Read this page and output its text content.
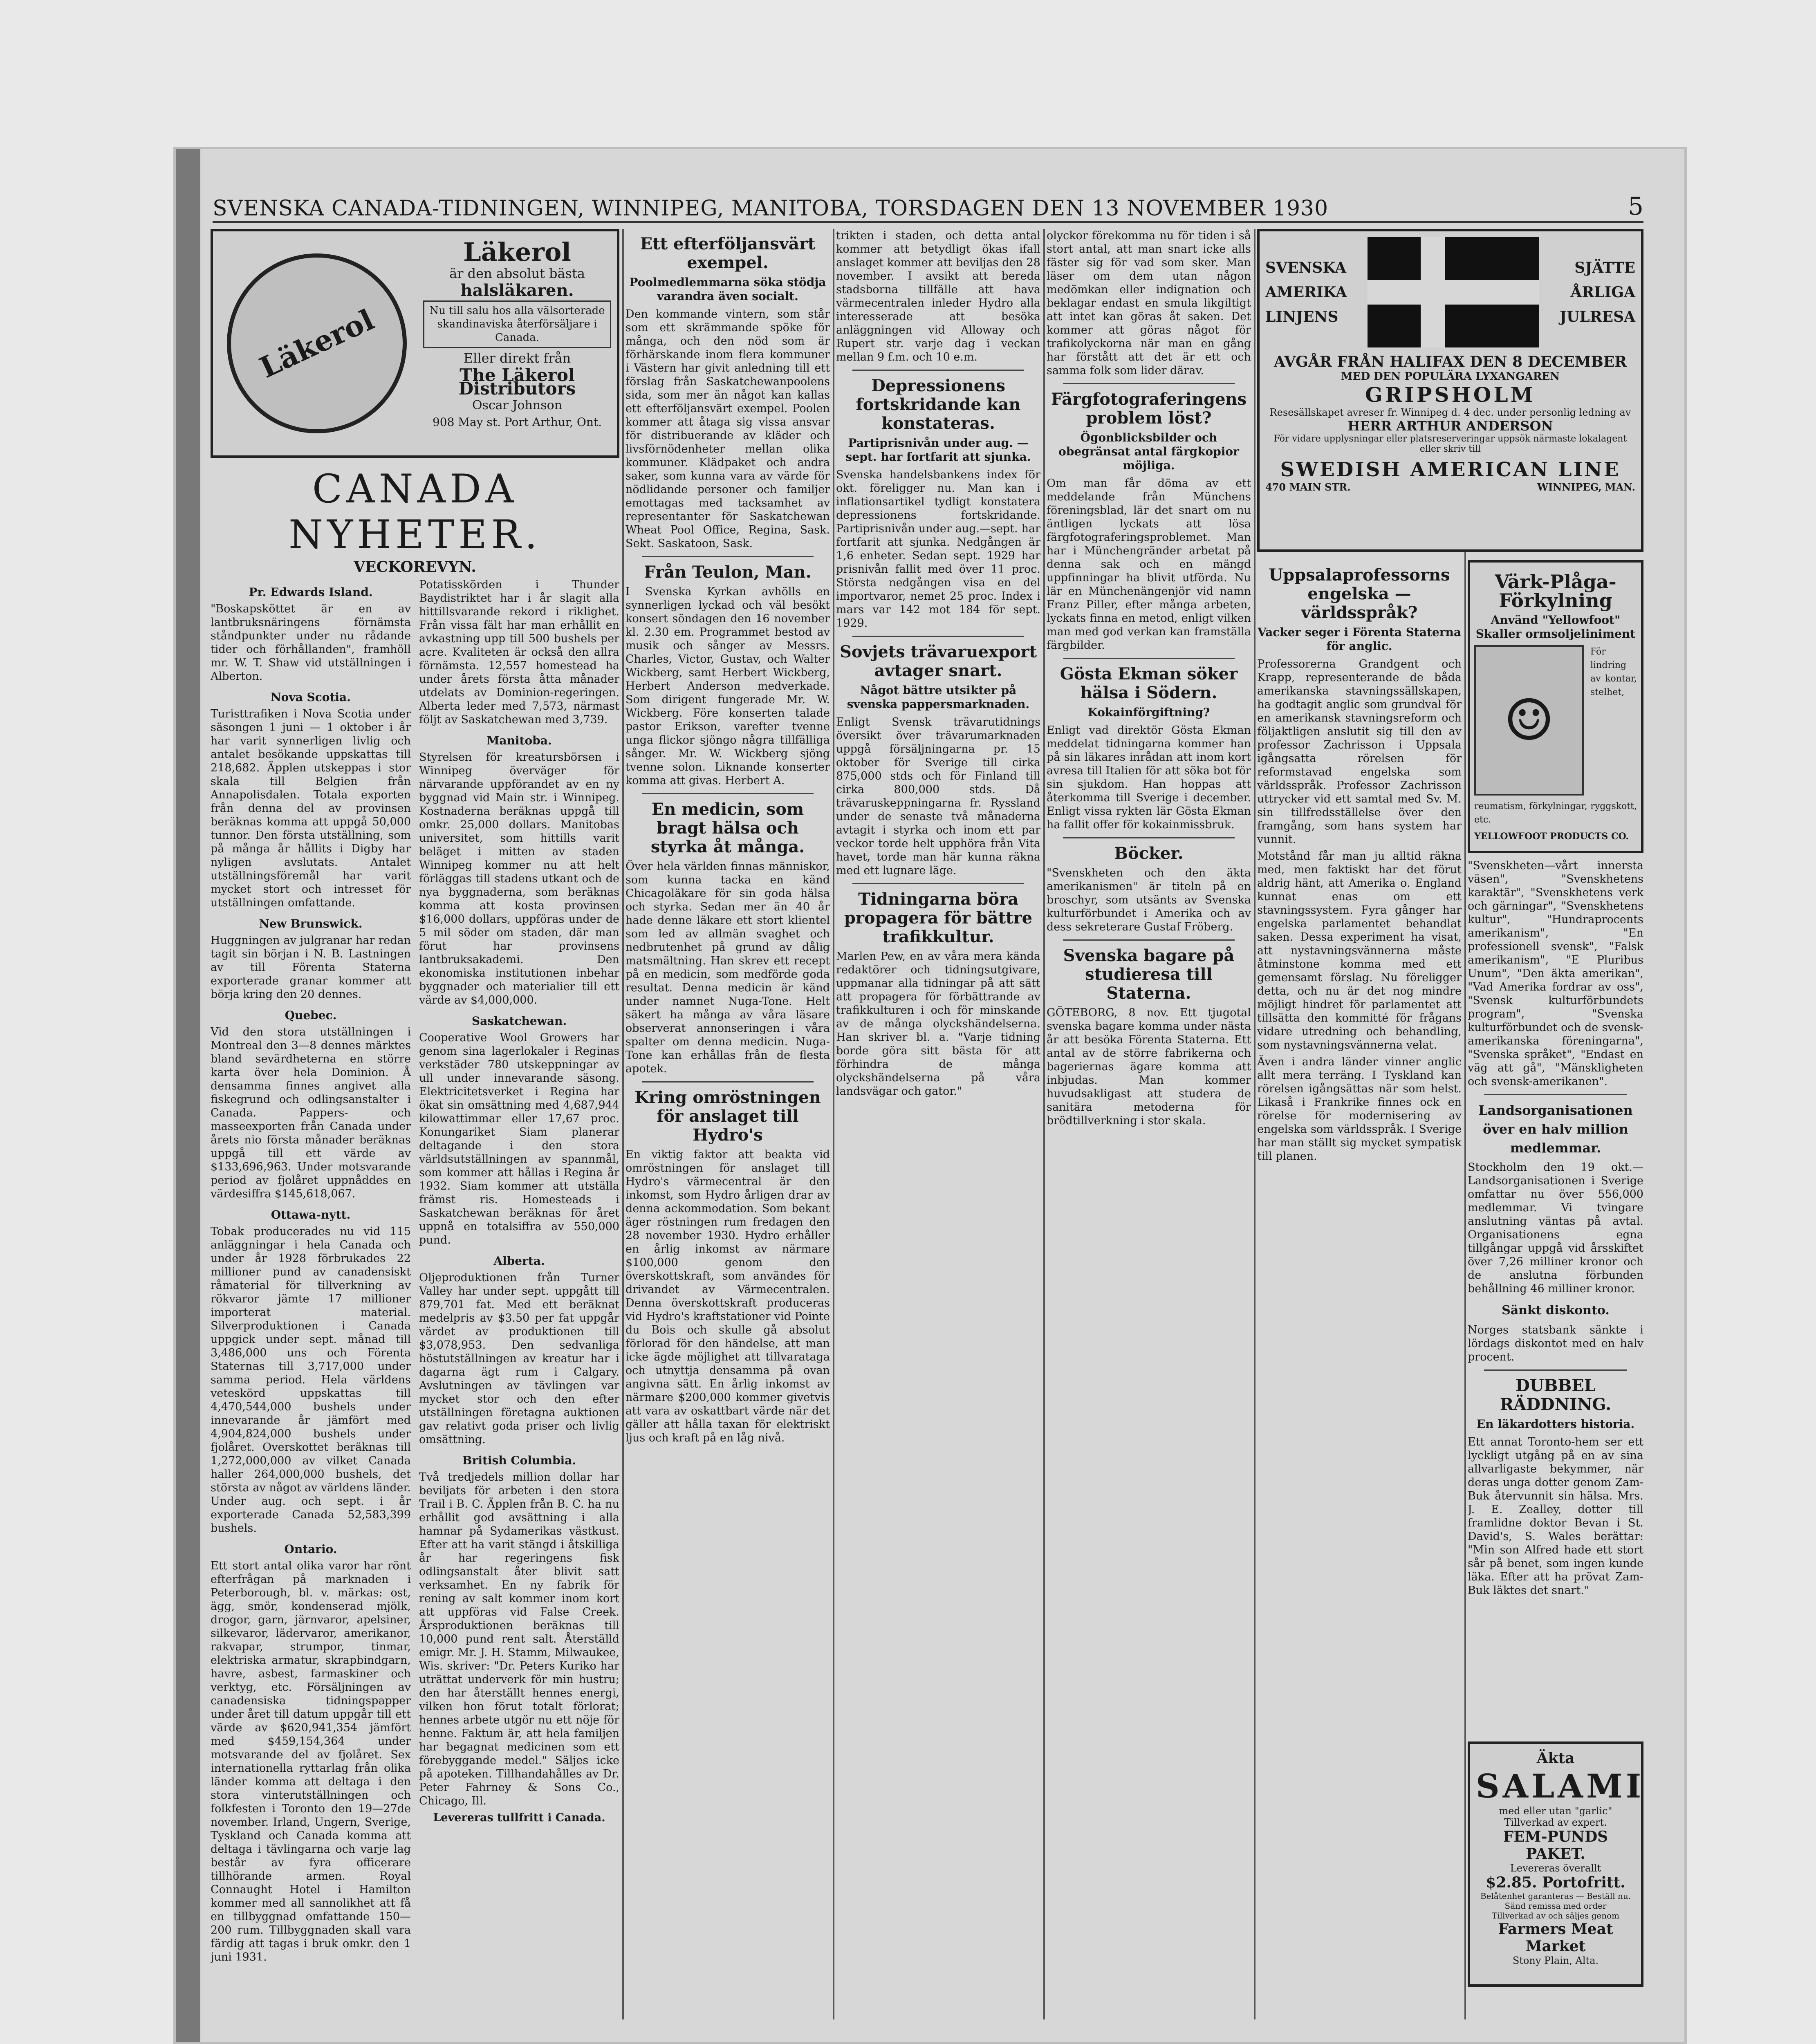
SVENSKA CANADA-TIDNINGEN, WINNIPEG, MANITOBA, TORSDAGEN DEN 13 NOVEMBER 1930	5
Läkerol
Läkerol

är den absolut bästa

halsläkaren.

Nu till salu hos alla välsorterade skandinaviska återförsäljare i Canada.

Eller direkt från

The Läkerol Distributors

Oscar Johnson

908 May st. Port Arthur, Ont.

CANADA NYHETER.
VECKOREVYN.
Pr. Edwards Island.

"Boskapsköttet är en av lantbruksnäringens förnämsta ståndpunkter under nu rådande tider och förhållanden", framhöll mr. W. T. Shaw vid utställningen i Alberton.

Nova Scotia.

Turisttrafiken i Nova Scotia under säsongen 1 juni — 1 oktober i år har varit synnerligen livlig och antalet besökande uppskattas till 218,682. Äpplen utskeppas i stor skala till Belgien från Annapolisdalen. Totala exporten från denna del av provinsen beräknas komma att uppgå 50,000 tunnor. Den första utställning, som på många år hållits i Digby har nyligen avslutats. Antalet utställningsföremål har varit mycket stort och intresset för utställningen omfattande.

New Brunswick.

Huggningen av julgranar har redan tagit sin början i N. B. Lastningen av till Förenta Staterna exporterade granar kommer att börja kring den 20 dennes.

Quebec.

Vid den stora utställningen i Montreal den 3—8 dennes märktes bland sevärdheterna en större karta över hela Dominion. Å densamma finnes angivet alla fiskegrund och odlingsanstalter i Canada. Pappers- och masseexporten från Canada under årets nio första månader beräknas uppgå till ett värde av $133,696,963. Under motsvarande period av fjolåret uppnåddes en värdesiffra $145,618,067.

Ottawa-nytt.

Tobak producerades nu vid 115 anläggningar i hela Canada och under år 1928 förbrukades 22 millioner pund av canadensiskt råmaterial för tillverkning av rökvaror jämte 17 millioner importerat material. Silverproduktionen i Canada uppgick under sept. månad till 3,486,000 uns och Förenta Staternas till 3,717,000 under samma period. Hela världens veteskörd uppskattas till 4,470,544,000 bushels under innevarande år jämfört med 4,904,824,000 bushels under fjolåret. Overskottet beräknas till 1,272,000,000 av vilket Canada haller 264,000,000 bushels, det största av något av världens länder. Under aug. och sept. i år exporterade Canada 52,583,399 bushels.

Ontario.

Ett stort antal olika varor har rönt efterfrågan på marknaden i Peterborough, bl. v. märkas: ost, ägg, smör, kondenserad mjölk, drogor, garn, järnvaror, apelsiner, silkevaror, lädervaror, amerikanor, rakvapar, strumpor, tinmar, elektriska armatur, skrapbindgarn, havre, asbest, farmaskiner och verktyg, etc. Försäljningen av canadensiska tidningspapper under året till datum uppgår till ett värde av $620,941,354 jämfört med $459,154,364 under motsvarande del av fjolåret. Sex internationella ryttarlag från olika länder komma att deltaga i den stora vinterutställningen och folkfesten i Toronto den 19—27de november. Irland, Ungern, Sverige, Tyskland och Canada komma att deltaga i tävlingarna och varje lag består av fyra officerare tillhörande armen. Royal Connaught Hotel i Hamilton kommer med all sannolikhet att få en tillbyggnad omfattande 150—200 rum. Tillbyggnaden skall vara färdig att tagas i bruk omkr. den 1 juni 1931.

Potatisskörden i Thunder Baydistriktet har i år slagit alla hittillsvarande rekord i riklighet. Från vissa fält har man erhållit en avkastning upp till 500 bushels per acre. Kvaliteten är också den allra förnämsta. 12,557 homestead ha under årets första åtta månader utdelats av Dominion-regeringen. Alberta leder med 7,573, närmast följt av Saskatchewan med 3,739.

Manitoba.

Styrelsen för kreatursbörsen i Winnipeg överväger för närvarande uppförandet av en ny byggnad vid Main str. i Winnipeg. Kostnaderna beräknas uppgå till omkr. 25,000 dollars. Manitobas universitet, som hittills varit beläget i mitten av staden Winnipeg kommer nu att helt förläggas till stadens utkant och de nya byggnaderna, som beräknas komma att kosta provinsen $16,000 dollars, uppföras under de 5 mil söder om staden, där man förut har provinsens lantbruksakademi. Den ekonomiska institutionen inbehar byggnader och materialier till ett värde av $4,000,000.

Saskatchewan.

Cooperative Wool Growers har genom sina lagerlokaler i Reginas verkstäder 780 utskeppningar av ull under innevarande säsong. Elektricitetsverket i Regina har ökat sin omsättning med 4,687,944 kilowattimmar eller 17,67 proc. Konungariket Siam planerar deltagande i den stora världsutställningen av spannmål, som kommer att hållas i Regina år 1932. Siam kommer att utställa främst ris. Homesteads i Saskatchewan beräknas för året uppnå en totalsiffra av 550,000 pund.

Alberta.

Oljeproduktionen från Turner Valley har under sept. uppgått till 879,701 fat. Med ett beräknat medelpris av $3.50 per fat uppgår värdet av produktionen till $3,078,953. Den sedvanliga höstutställningen av kreatur har i dagarna ägt rum i Calgary. Avslutningen av tävlingen var mycket stor och den efter utställningen företagna auktionen gav relativt goda priser och livlig omsättning.

British Columbia.

Två tredjedels million dollar har beviljats för arbeten i den stora Trail i B. C. Äpplen från B. C. ha nu erhållit god avsättning i alla hamnar på Sydamerikas västkust. Efter att ha varit stängd i åtskilliga år har regeringens fisk odlingsanstalt åter blivit satt verksamhet. En ny fabrik för rening av salt kommer inom kort att uppföras vid False Creek. Årsproduktionen beräknas till 10,000 pund rent salt. Återställd emigr. Mr. J. H. Stamm, Milwaukee, Wis. skriver: "Dr. Peters Kuriko har uträttat underverk för min hustru; den har återställt hennes energi, vilken hon förut totalt förlorat; hennes arbete utgör nu ett nöje för henne. Faktum är, att hela familjen har begagnat medicinen som ett förebyggande medel." Säljes icke på apoteken. Tillhandahålles av Dr. Peter Fahrney & Sons Co., Chicago, Ill.

Levereras tullfritt i Canada.

Ett efterföljansvärt exempel.
Poolmedlemmarna söka stödja varandra även socialt.

Den kommande vintern, som står som ett skrämmande spöke för många, och den nöd som är förhärskande inom flera kommuner i Västern har givit anledning till ett förslag från Saskatchewanpoolens sida, som mer än något kan kallas ett efterföljansvärt exempel. Poolen kommer att åtaga sig vissa ansvar för distribuerande av kläder och livsförnödenheter mellan olika kommuner. Klädpaket och andra saker, som kunna vara av värde för nödlidande personer och familjer emottagas med tacksamhet av representanter för Saskatchewan Wheat Pool Office, Regina, Sask. Sekt. Saskatoon, Sask.

Från Teulon, Man.

I Svenska Kyrkan avhölls en synnerligen lyckad och väl besökt konsert söndagen den 16 november kl. 2.30 em. Programmet bestod av musik och sånger av Messrs. Charles, Victor, Gustav, och Walter Wickberg, samt Herbert Wickberg, Herbert Anderson medverkade. Som dirigent fungerade Mr. W. Wickberg. Före konserten talade pastor Erikson, varefter tvenne unga flickor sjöngo några tillfälliga sånger. Mr. W. Wickberg sjöng tvenne solon. Liknande konserter komma att givas. Herbert A.

En medicin, som bragt hälsa och styrka åt många.

Över hela världen finnas människor, som kunna tacka en känd Chicagoläkare för sin goda hälsa och styrka. Sedan mer än 40 år hade denne läkare ett stort klientel som led av allmän svaghet och nedbrutenhet på grund av dålig matsmältning. Han skrev ett recept på en medicin, som medförde goda resultat. Denna medicin är känd under namnet Nuga-Tone. Helt säkert ha många av våra läsare observerat annonseringen i våra spalter om denna medicin. Nuga-Tone kan erhållas från de flesta apotek.

Kring omröstningen för anslaget till Hydro's

En viktig faktor att beakta vid omröstningen för anslaget till Hydro's värmecentral är den inkomst, som Hydro årligen drar av denna ackommodation. Som bekant äger röstningen rum fredagen den 28 november 1930. Hydro erhåller en årlig inkomst av närmare $100,000 genom den överskottskraft, som användes för drivandet av Värmecentralen. Denna överskottskraft produceras vid Hydro's kraftstationer vid Pointe du Bois och skulle gå absolut förlorad för den händelse, att man icke ägde möjlighet att tillvarataga och utnyttja densamma på ovan angivna sätt. En årlig inkomst av närmare $200,000 kommer givetvis att vara av oskattbart värde när det gäller att hålla taxan för elektriskt ljus och kraft på en låg nivå.

trikten i staden, och detta antal kommer att betydligt ökas ifall anslaget kommer att beviljas den 28 november. I avsikt att bereda stadsborna tillfälle att hava värmecentralen inleder Hydro alla interesserade att besöka anläggningen vid Alloway och Rupert str. varje dag i veckan mellan 9 f.m. och 10 e.m.

Depressionens fortskridande kan konstateras.
Partiprisnivån under aug. — sept. har fortfarit att sjunka.

Svenska handelsbankens index för okt. föreligger nu. Man kan i inflationsartikel tydligt konstatera depressionens fortskridande. Partiprisnivån under aug.—sept. har fortfarit att sjunka. Nedgången är 1,6 enheter. Sedan sept. 1929 har prisnivån fallit med över 11 proc. Största nedgången visa en del importvaror, nemet 25 proc. Index i mars var 142 mot 184 för sept. 1929.

Sovjets trävaruexport avtager snart.
Något bättre utsikter på svenska pappersmarknaden.

Enligt Svensk trävarutidnings översikt över trävarumarknaden uppgå försäljningarna pr. 15 oktober för Sverige till cirka 875,000 stds och för Finland till cirka 800,000 stds. Då trävaruskeppningarna fr. Ryssland under de senaste två månaderna avtagit i styrka och inom ett par veckor torde helt upphöra från Vita havet, torde man här kunna räkna med ett lugnare läge.

Tidningarna böra propagera för bättre trafikkultur.

Marlen Pew, en av våra mera kända redaktörer och tidningsutgivare, uppmanar alla tidningar på att sätt att propagera för förbättrande av trafikkulturen i och för minskande av de många olyckshändelserna. Han skriver bl. a. "Varje tidning borde göra sitt bästa för att förhindra de många olyckshändelserna på våra landsvägar och gator."

olyckor förekomma nu för tiden i så stort antal, att man snart icke alls fäster sig för vad som sker. Man läser om dem utan någon medömkan eller indignation och beklagar endast en smula likgiltigt att intet kan göras åt saken. Det kommer att göras något för trafikolyckorna när man en gång har förstått att det är ett och samma folk som lider därav.

Färgfotograferingens problem löst?
Ögonblicksbilder och obegränsat antal färgkopior möjliga.

Om man får döma av ett meddelande från Münchens föreningsblad, lär det snart om nu äntligen lyckats att lösa färgfotograferingsproblemet. Man har i Münchengränder arbetat på denna sak och en mängd uppfinningar ha blivit utförda. Nu lär en Münchenängenjör vid namn Franz Piller, efter många arbeten, lyckats finna en metod, enligt vilken man med god verkan kan framställa färgbilder.

Gösta Ekman söker hälsa i Södern.
Kokainförgiftning?

Enligt vad direktör Gösta Ekman meddelat tidningarna kommer han på sin läkares inrådan att inom kort avresa till Italien för att söka bot för sin sjukdom. Han hoppas att återkomma till Sverige i december. Enligt vissa rykten lär Gösta Ekman ha fallit offer för kokainmissbruk.

Böcker.

"Svenskheten och den äkta amerikanismen" är titeln på en broschyr, som utsänts av Svenska kulturförbundet i Amerika och av dess sekreterare Gustaf Fröberg.

Svenska bagare på studieresa till Staterna.

GÖTEBORG, 8 nov. Ett tjugotal svenska bagare komma under nästa år att besöka Förenta Staterna. Ett antal av de större fabrikerna och bageriernas ägare komma att inbjudas. Man kommer huvudsakligast att studera de sanitära metoderna för brödtillverkning i stor skala.

SVENSKA
AMERIKA
LINJENS
SJÄTTE
ÅRLIGA
JULRESA
AVGÅR FRÅN HALIFAX DEN 8 DECEMBER
MED DEN POPULÄRA LYXANGAREN
GRIPSHOLM
Resesällskapet avreser fr. Winnipeg d. 4 dec. under personlig ledning av
HERR ARTHUR ANDERSON
För vidare upplysningar eller platsreserveringar uppsök närmaste lokalagent eller skriv till
SWEDISH AMERICAN LINE
470 MAIN STR.	WINNIPEG, MAN.
Uppsalaprofessorns engelska — världsspråk?
Vacker seger i Förenta Staterna för anglic.

Professorerna Grandgent och Krapp, representerande de båda amerikanska stavningssällskapen, ha godtagit anglic som grundval för en amerikansk stavningsreform och följaktligen anslutit sig till den av professor Zachrisson i Uppsala igångsatta rörelsen för reformstavad engelska som världsspråk. Professor Zachrisson uttrycker vid ett samtal med Sv. M. sin tillfredsställelse över den framgång, som hans system har vunnit.

Motstånd får man ju alltid räkna med, men faktiskt har det förut aldrig hänt, att Amerika o. England kunnat enas om ett stavningssystem. Fyra gånger har engelska parlamentet behandlat saken. Dessa experiment ha visat, att nystavningsvännerna måste åtminstone komma med ett gemensamt förslag. Nu föreligger detta, och nu är det nog mindre möjligt hindret för parlamentet att tillsätta den kommitté för frågans vidare utredning och behandling, som nystavningsvännerna velat.

Även i andra länder vinner anglic allt mera terräng. I Tyskland kan rörelsen igångsättas när som helst. Likaså i Frankrike finnes ock en rörelse för modernisering av engelska som världsspråk. I Sverige har man ställt sig mycket sympatisk till planen.

Värk-Plåga-Förkylning
Använd "Yellowfoot" Skaller ormsoljeliniment
☺

För lindring av kontar, stelhet, reumatism, förkylningar, ryggskott, etc.

YELLOWFOOT PRODUCTS CO.

"Svenskheten—vårt innersta väsen", "Svenskhetens karaktär", "Svenskhetens verk och gärningar", "Svenskhetens kultur", "Hundraprocents amerikanism", "En professionell svensk", "Falsk amerikanism", "E Pluribus Unum", "Den äkta amerikan", "Vad Amerika fordrar av oss", "Svensk kulturförbundets program", "Svenska kulturförbundet och de svensk-amerikanska föreningarna", "Svenska språket", "Endast en väg att gå", "Mänskligheten och svensk-amerikanen".

Landsorganisationen över en halv million medlemmar.

Stockholm den 19 okt.— Landsorganisationen i Sverige omfattar nu över 556,000 medlemmar. Vi tvingare anslutning väntas på avtal. Organisationens egna tillgångar uppgå vid årsskiftet över 7,26 milliner kronor och de anslutna förbunden behållning 46 milliner kronor.

Sänkt diskonto.

Norges statsbank sänkte i lördags diskontot med en halv procent.

DUBBEL RÄDDNING.
En läkardotters historia.

Ett annat Toronto-hem ser ett lyckligt utgång på en av sina allvarligaste bekymmer, när deras unga dotter genom Zam-Buk återvunnit sin hälsa. Mrs. J. E. Zealley, dotter till framlidne doktor Bevan i St. David's, S. Wales berättar: "Min son Alfred hade ett stort sår på benet, som ingen kunde läka. Efter att ha prövat Zam-Buk läktes det snart."

Äkta
SALAMI
med eller utan "garlic"
Tillverkad av expert.
FEM-PUNDS PAKET.
Levereras överallt
$2.85. Portofritt.
Belåtenhet garanteras — Beställ nu. Sänd remissa med order
Tillverkad av och säljes genom
Farmers Meat Market
Stony Plain, Alta.
